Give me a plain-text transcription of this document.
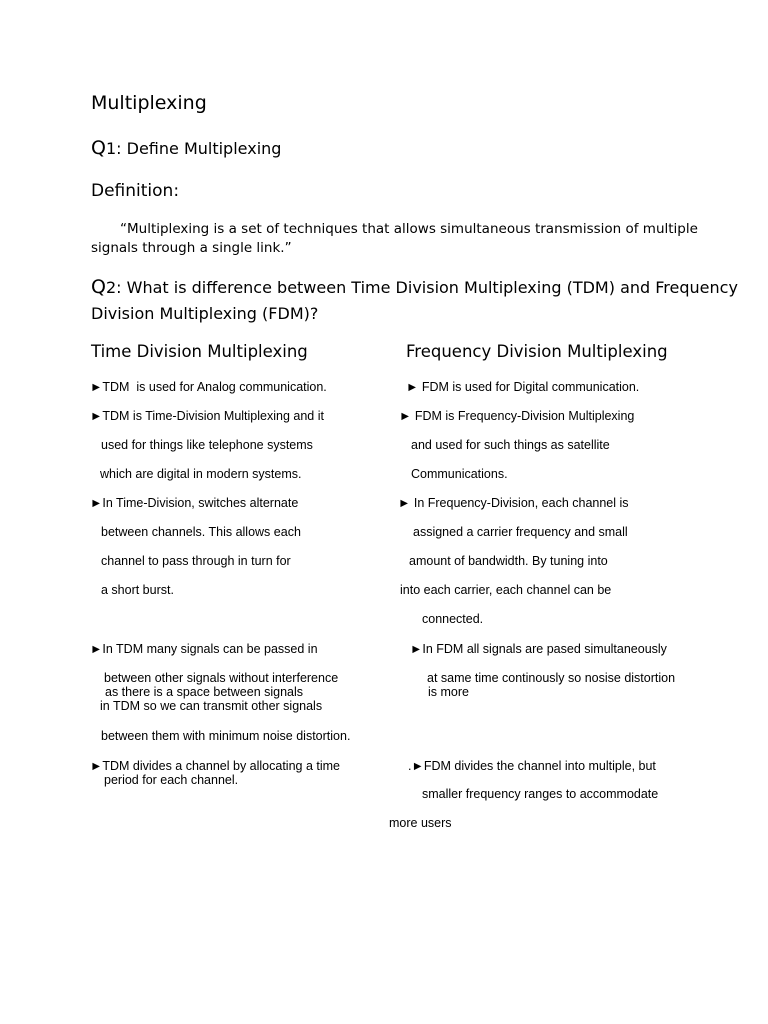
Multiplexing
Q1: Define Multiplexing
Definition:
“Multiplexing is a set of techniques that allows simultaneous transmission of multiple
signals through a single link.”
Q2: What is difference between Time Division Multiplexing (TDM) and Frequency
Division Multiplexing (FDM)?
Time Division Multiplexing	Frequency Division Multiplexing
►TDM  is used for Analog communication.
►TDM is Time-Division Multiplexing and it
used for things like telephone systems
which are digital in modern systems.
►In Time-Division, switches alternate
between channels. This allows each
channel to pass through in turn for
a short burst.
►In TDM many signals can be passed in
between other signals without interference
as there is a space between signals
in TDM so we can transmit other signals
between them with minimum noise distortion.
►TDM divides a channel by allocating a time
period for each channel.
► FDM is used for Digital communication.
► FDM is Frequency-Division Multiplexing
and used for such things as satellite
Communications.
► In Frequency-Division, each channel is
assigned a carrier frequency and small
amount of bandwidth. By tuning into
into each carrier, each channel can be
connected.
►In FDM all signals are pased simultaneously
at same time continously so nosise distortion
is more
.►FDM divides the channel into multiple, but
smaller frequency ranges to accommodate
more users
